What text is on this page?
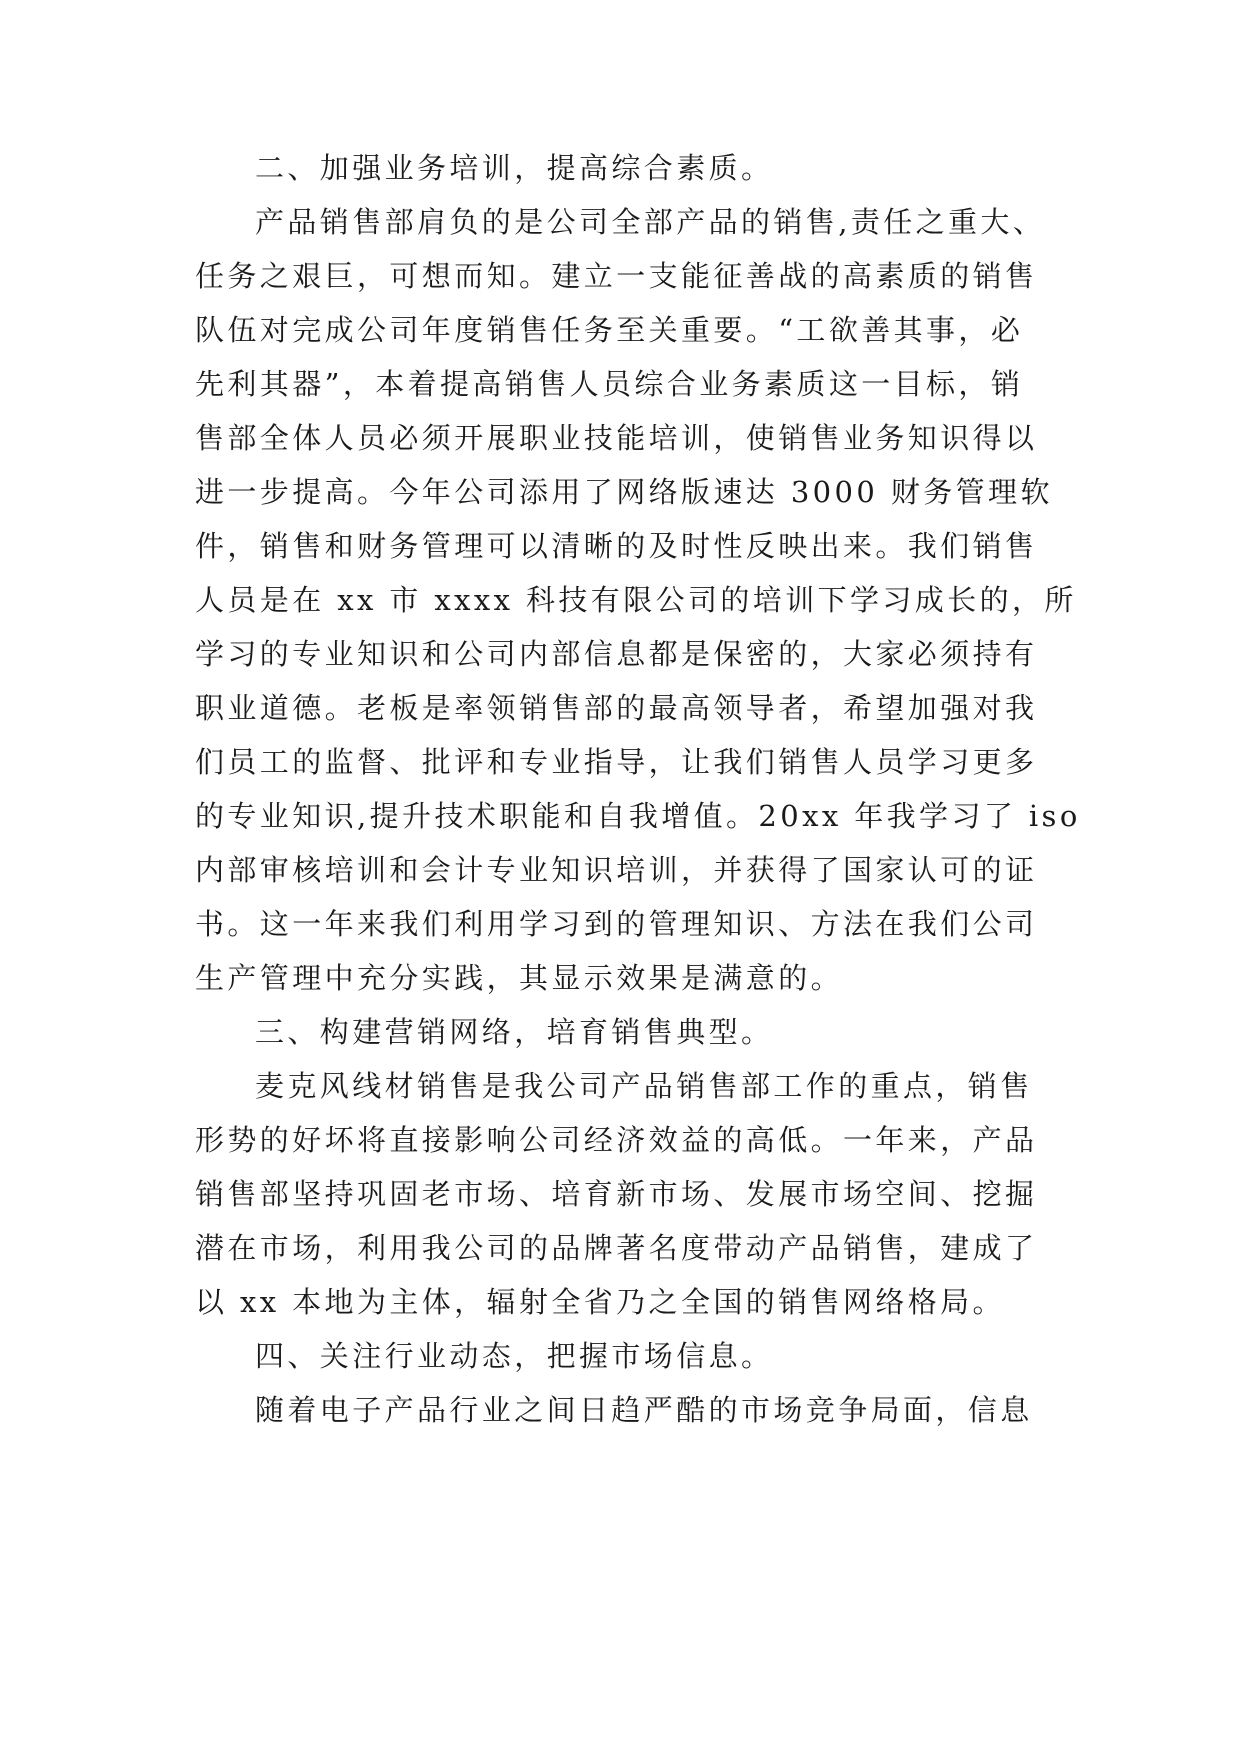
二、加强业务培训，提高综合素质。
产品销售部肩负的是公司全部产品的销售,责任之重大、
任务之艰巨，可想而知。建立一支能征善战的高素质的销售
队伍对完成公司年度销售任务至关重要。“工欲善其事，必
先利其器”，本着提高销售人员综合业务素质这一目标，销
售部全体人员必须开展职业技能培训，使销售业务知识得以
进一步提高。今年公司添用了网络版速达 3000 财务管理软
件，销售和财务管理可以清晰的及时性反映出来。我们销售
人员是在 xx 市 xxxx 科技有限公司的培训下学习成长的，所
学习的专业知识和公司内部信息都是保密的，大家必须持有
职业道德。老板是率领销售部的最高领导者，希望加强对我
们员工的监督、批评和专业指导，让我们销售人员学习更多
的专业知识,提升技术职能和自我增值。20xx 年我学习了 iso
内部审核培训和会计专业知识培训，并获得了国家认可的证
书。这一年来我们利用学习到的管理知识、方法在我们公司
生产管理中充分实践，其显示效果是满意的。
三、构建营销网络，培育销售典型。
麦克风线材销售是我公司产品销售部工作的重点，销售
形势的好坏将直接影响公司经济效益的高低。一年来，产品
销售部坚持巩固老市场、培育新市场、发展市场空间、挖掘
潜在市场，利用我公司的品牌著名度带动产品销售，建成了
以 xx 本地为主体，辐射全省乃之全国的销售网络格局。
四、关注行业动态，把握市场信息。
随着电子产品行业之间日趋严酷的市场竞争局面，信息
